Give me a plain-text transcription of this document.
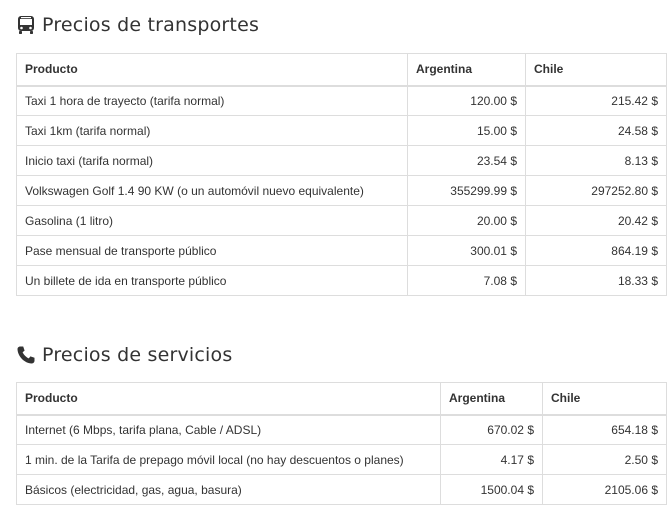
Precios de transportes
Producto	Argentina	Chile
Taxi 1 hora de trayecto (tarifa normal)	120.00 $	215.42 $
Taxi 1km (tarifa normal)	15.00 $	24.58 $
Inicio taxi (tarifa normal)	23.54 $	8.13 $
Volkswagen Golf 1.4 90 KW (o un automóvil nuevo equivalente)	355299.99 $	297252.80 $
Gasolina (1 litro)	20.00 $	20.42 $
Pase mensual de transporte público	300.01 $	864.19 $
Un billete de ida en transporte público	7.08 $	18.33 $
Precios de servicios
Producto	Argentina	Chile
Internet (6 Mbps, tarifa plana, Cable / ADSL)	670.02 $	654.18 $
1 min. de la Tarifa de prepago móvil local (no hay descuentos o planes)	4.17 $	2.50 $
Básicos (electricidad, gas, agua, basura)	1500.04 $	2105.06 $
